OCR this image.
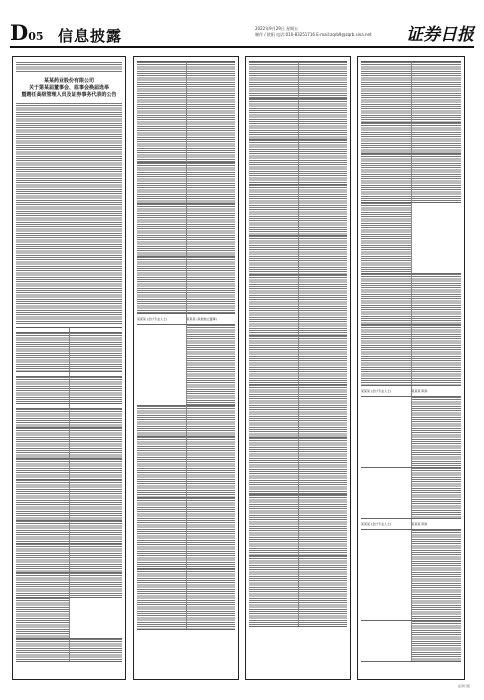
D05 信息披露	2022年9月29日 星期五
制作 / 欧阳 电话:010-83251716 E-mail:zqrb9@zqrb.sina.net 证券日报
某某药业股份有限公司
关于第某届董事会、监事会换届选举
暨聘任高级管理人员及证券事务代表的公告
某某某 (会计专业人士)	某某某 (其他独立董事)
某某某 (会计专业人士)	某某某 职务
某某某 (会计专业人士)	某某某 职务
证券日报
